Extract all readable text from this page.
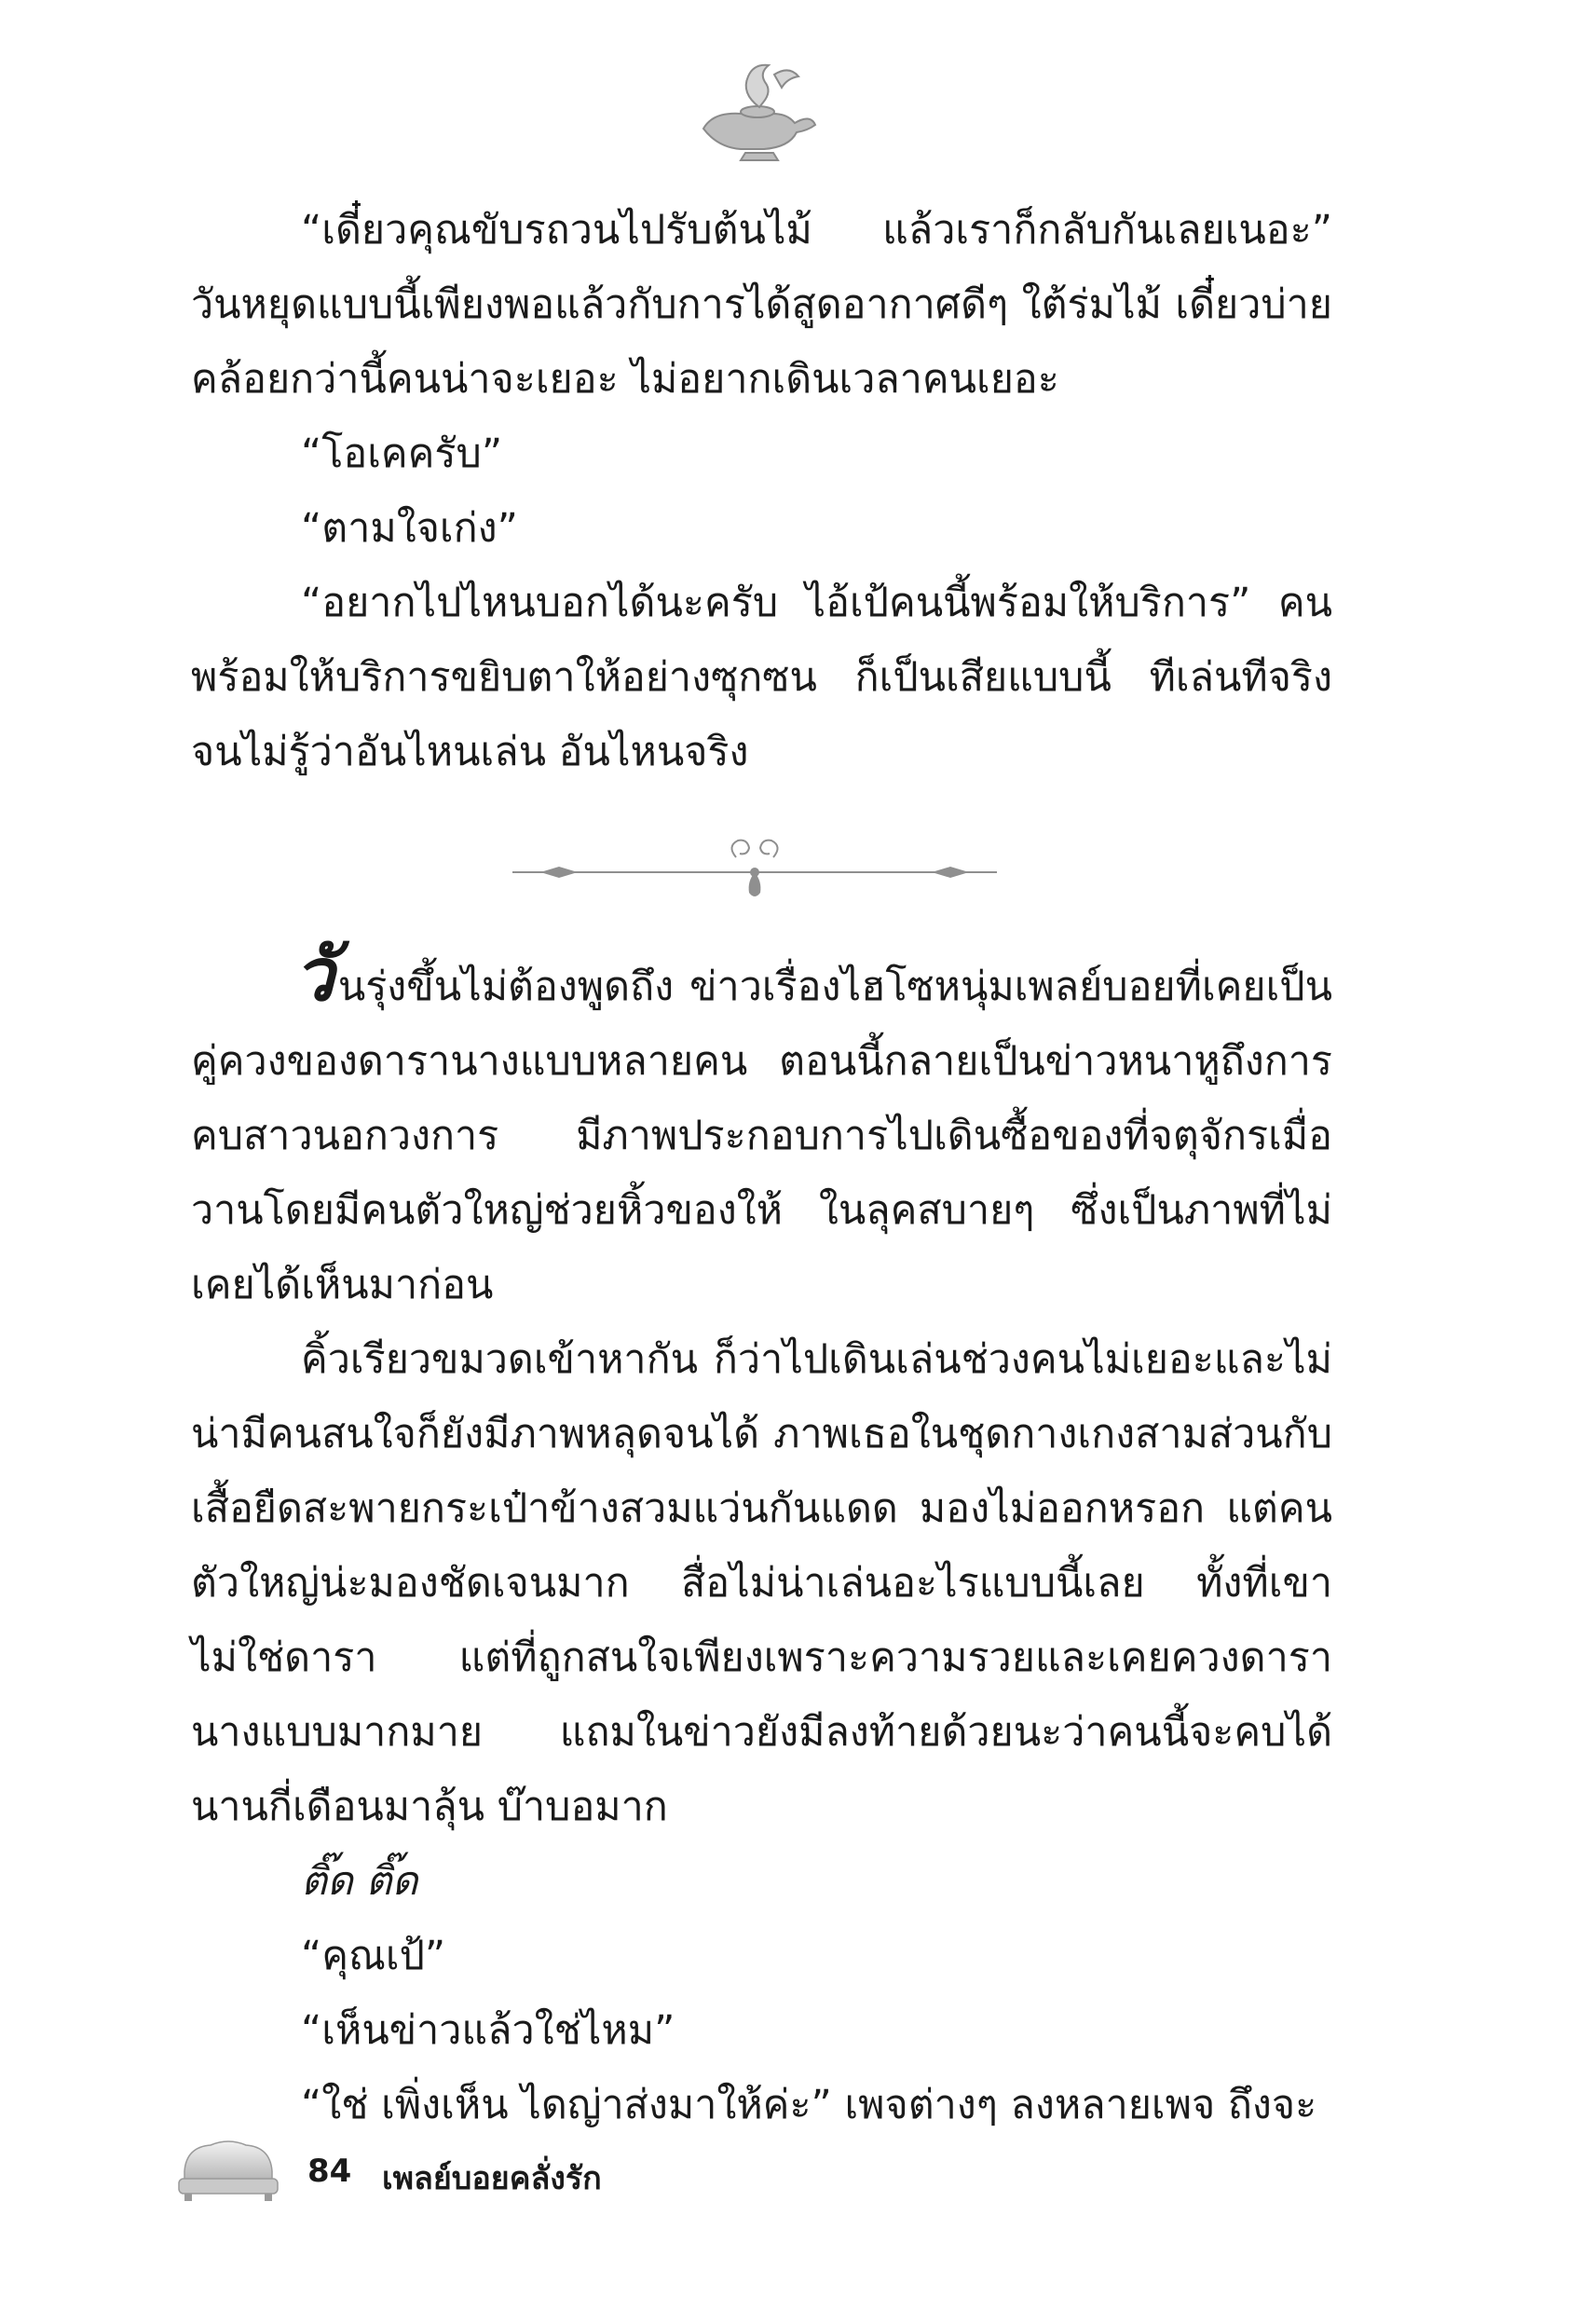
“เดี๋ยวคุณขับรถวนไปรับต้นไม้ แล้วเราก็กลับกันเลยเนอะ” วันหยุดแบบนี้เพียงพอแล้วกับการได้สูดอากาศดีๆ ใต้ร่มไม้ เดี๋ยวบ่ายคล้อยกว่านี้คนน่าจะเยอะ ไม่อยากเดินเวลาคนเยอะ

“โอเคครับ”

“ตามใจเก่ง”

“อยากไปไหนบอกได้นะครับ ไอ้เป้คนนี้พร้อมให้บริการ” คนพร้อมให้บริการขยิบตาให้อย่างซุกซน ก็เป็นเสียแบบนี้ ทีเล่นทีจริงจนไม่รู้ว่าอันไหนเล่น อันไหนจริง

วันรุ่งขึ้นไม่ต้องพูดถึง ข่าวเรื่องไฮโซหนุ่มเพลย์บอยที่เคยเป็นคู่ควงของดารานางแบบหลายคน ตอนนี้กลายเป็นข่าวหนาหูถึงการคบสาวนอกวงการ มีภาพประกอบการไปเดินซื้อของที่จตุจักรเมื่อวานโดยมีคนตัวใหญ่ช่วยหิ้วของให้ ในลุคสบายๆ ซึ่งเป็นภาพที่ไม่เคยได้เห็นมาก่อน

คิ้วเรียวขมวดเข้าหากัน ก็ว่าไปเดินเล่นช่วงคนไม่เยอะและไม่น่ามีคนสนใจก็ยังมีภาพหลุดจนได้ ภาพเธอในชุดกางเกงสามส่วนกับเสื้อยืดสะพายกระเป๋าข้างสวมแว่นกันแดด มองไม่ออกหรอก แต่คนตัวใหญ่น่ะมองชัดเจนมาก สื่อไม่น่าเล่นอะไรแบบนี้เลย ทั้งที่เขาไม่ใช่ดารา แต่ที่ถูกสนใจเพียงเพราะความรวยและเคยควงดารานางแบบมากมาย แถมในข่าวยังมีลงท้ายด้วยนะว่าคนนี้จะคบได้นานกี่เดือนมาลุ้น บ๊าบอมาก

ติ๊ด ติ๊ด

“คุณเป้”

“เห็นข่าวแล้วใช่ไหม”

“ใช่ เพิ่งเห็น ไดญ่าส่งมาให้ค่ะ” เพจต่างๆ ลงหลายเพจ ถึงจะ

84 เพลย์บอยคลั่งรัก
